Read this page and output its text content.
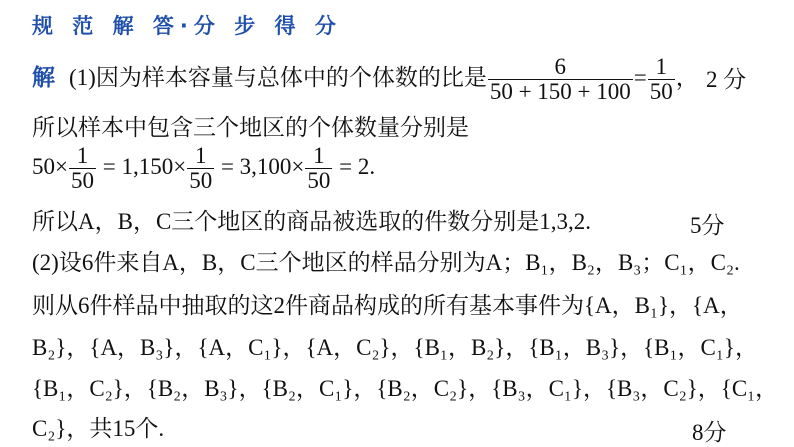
规 范 解 答·分 步 得 分
解 (1)因为样本容量与总体中的个体数的比是 $\frac{6}{50 + 150 + 100} = \frac{1}{50}$ ， 2 分
所以样本中包含三个地区的个体数量分别是
$50\times \frac{1}{50} = 1,150\times \frac{1}{50} = 3,100\times \frac{1}{50} = 2$.
所以A，B，C三个地区的商品被选取的件数分别是1,3,2.	5分
(2)设6件来自A，B，C三个地区的样品分别为A；B₁，B₂，B₃；C₁，C₂.
则从6件样品中抽取的这2件商品构成的所有基本事件为{A，B₁}，{A，
B₂}，{A，B₃}，{A，C₁}，{A，C₂}，{B₁，B₂}，{B₁，B₃}，{B₁，C₁}，
{B₁，C₂}，{B₂，B₃}，{B₂，C₁}，{B₂，C₂}，{B₃，C₁}，{B₃，C₂}，{C₁，
C₂}，共15个.	8分
